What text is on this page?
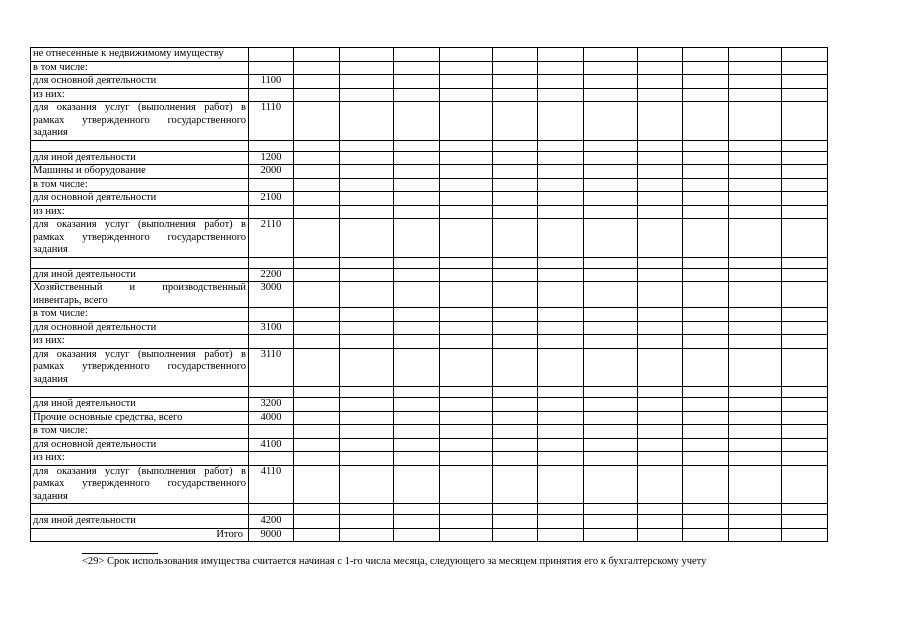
не отнесенные к недвижимому имуществу												
в том числе:												
для основной деятельности	1100											
из них:												
для оказания услуг (выполнения работ) в рамках утвержденного государственного задания	1110											

для иной деятельности	1200											
Машины и оборудование	2000											
в том числе:												
для основной деятельности	2100											
из них:												
для оказания услуг (выполнения работ) в рамках утвержденного государственного задания	2110											

для иной деятельности	2200											
Хозяйственный и производственный инвентарь, всего	3000											
в том числе:												
для основной деятельности	3100											
из них:												
для оказания услуг (выполнения работ) в рамках утвержденного государственного задания	3110											

для иной деятельности	3200											
Прочие основные средства, всего	4000											
в том числе:												
для основной деятельности	4100											
из них:												
для оказания услуг (выполнения работ) в рамках утвержденного государственного задания	4110											

для иной деятельности	4200											
Итого	9000											
<29> Срок использования имущества считается начиная с 1-го числа месяца, следующего за месяцем принятия его к бухгалтерскому учету
